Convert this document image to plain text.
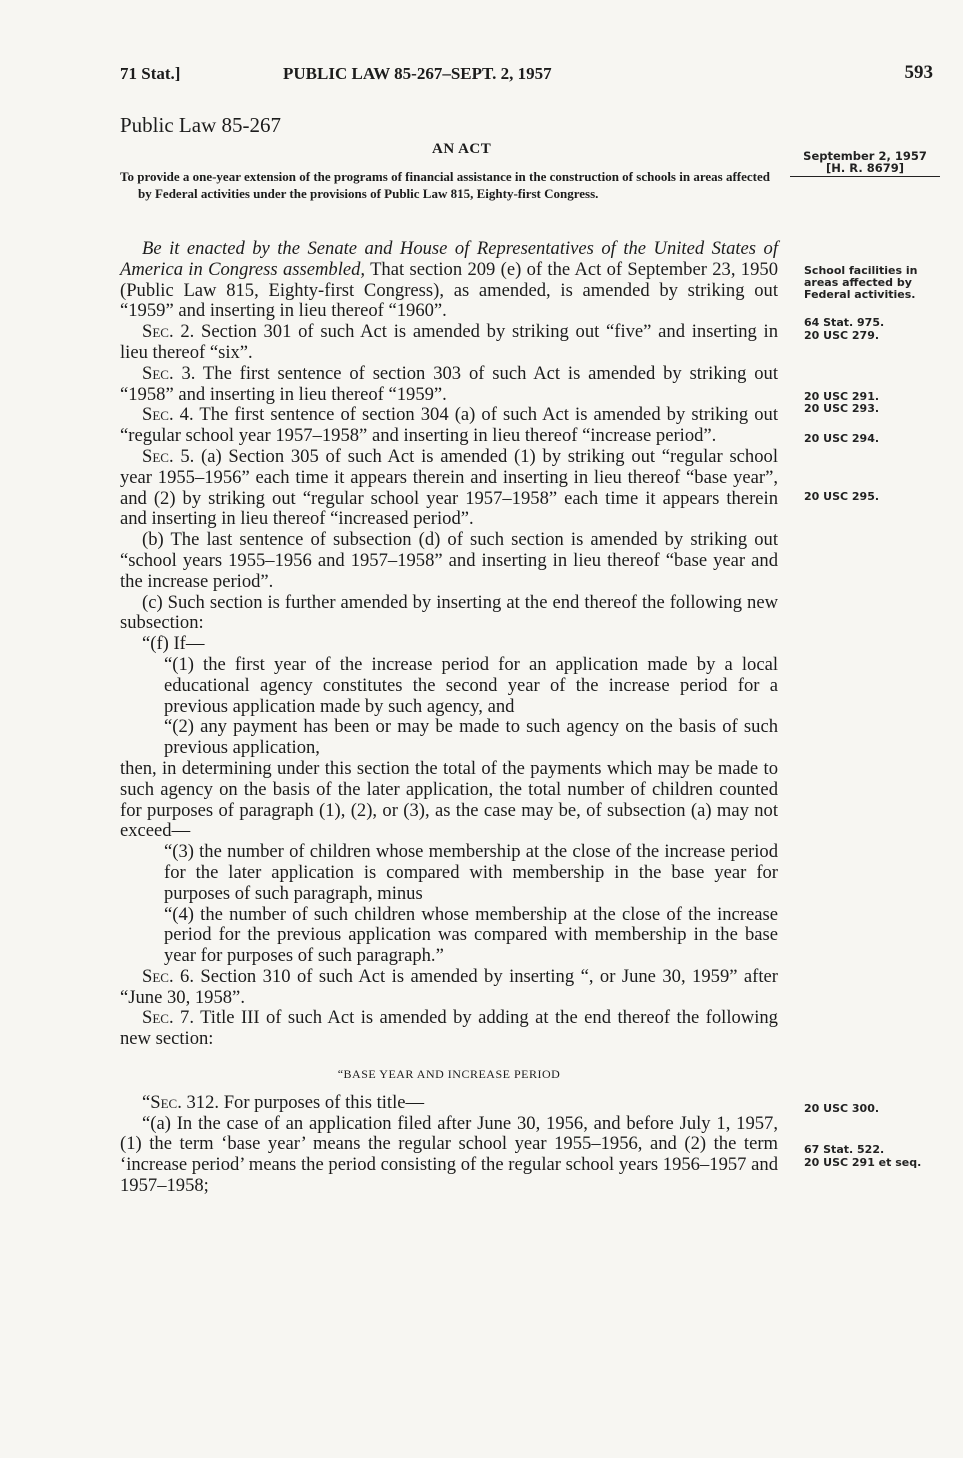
71 Stat.]	PUBLIC LAW 85-267–SEPT. 2, 1957	593
Public Law 85-267
AN ACT
To provide a one-year extension of the programs of financial assistance in the construction of schools in areas affected by Federal activities under the provisions of Public Law 815, Eighty-first Congress.

Be it enacted by the Senate and House of Representatives of the United States of America in Congress assembled, That section 209 (e) of the Act of September 23, 1950 (Public Law 815, Eighty-first Congress), as amended, is amended by striking out “1959” and inserting in lieu thereof “1960”.

Sec. 2. Section 301 of such Act is amended by striking out “five” and inserting in lieu thereof “six”.

Sec. 3. The first sentence of section 303 of such Act is amended by striking out “1958” and inserting in lieu thereof “1959”.

Sec. 4. The first sentence of section 304 (a) of such Act is amended by striking out “regular school year 1957–1958” and inserting in lieu thereof “increase period”.

Sec. 5. (a) Section 305 of such Act is amended (1) by striking out “regular school year 1955–1956” each time it appears therein and inserting in lieu thereof “base year”, and (2) by striking out “regular school year 1957–1958” each time it appears therein and inserting in lieu thereof “increased period”.

(b) The last sentence of subsection (d) of such section is amended by striking out “school years 1955–1956 and 1957–1958” and inserting in lieu thereof “base year and the increase period”.

(c) Such section is further amended by inserting at the end thereof the following new subsection:

“(f) If—

“(1) the first year of the increase period for an application made by a local educational agency constitutes the second year of the increase period for a previous application made by such agency, and

“(2) any payment has been or may be made to such agency on the basis of such previous application,

then, in determining under this section the total of the payments which may be made to such agency on the basis of the later application, the total number of children counted for purposes of paragraph (1), (2), or (3), as the case may be, of subsection (a) may not exceed—

“(3) the number of children whose membership at the close of the increase period for the later application is compared with membership in the base year for purposes of such paragraph, minus

“(4) the number of such children whose membership at the close of the increase period for the previous application was compared with membership in the base year for purposes of such paragraph.”

Sec. 6. Section 310 of such Act is amended by inserting “, or June 30, 1959” after “June 30, 1958”.

Sec. 7. Title III of such Act is amended by adding at the end thereof the following new section:

“BASE YEAR AND INCREASE PERIOD

“Sec. 312. For purposes of this title—

“(a) In the case of an application filed after June 30, 1956, and before July 1, 1957, (1) the term ‘base year’ means the regular school year 1955–1956, and (2) the term ‘increase period’ means the period consisting of the regular school years 1956–1957 and 1957–1958;

September 2, 1957
[H. R. 8679]
School facilities in areas affected by Federal activities.
64 Stat. 975.
20 USC 279.
20 USC 291.
20 USC 293.
20 USC 294.
20 USC 295.
20 USC 300.
67 Stat. 522.
20 USC 291 et seq.
